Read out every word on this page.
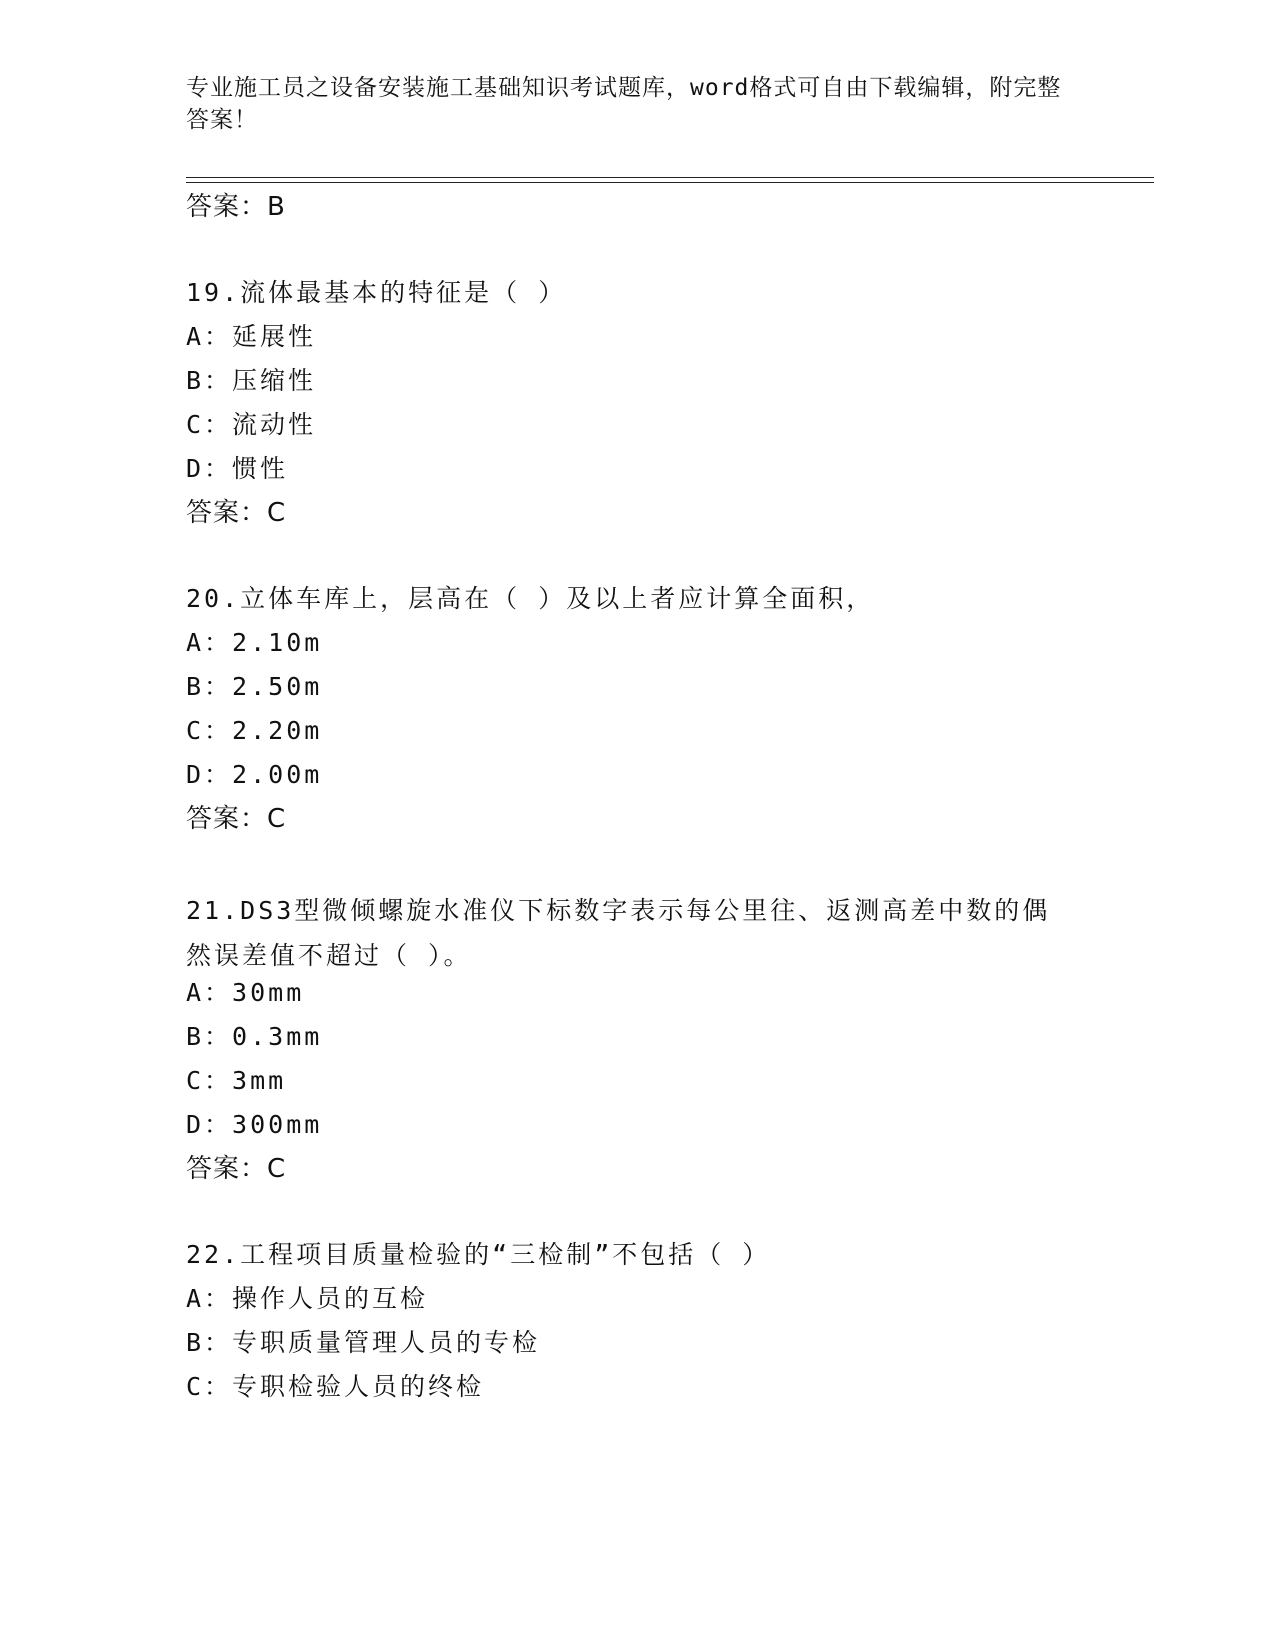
专业施工员之设备安装施工基础知识考试题库，word格式可自由下载编辑，附完整答案！

答案：B

19.流体最基本的特征是（ ）

A：延展性

B：压缩性

C：流动性

D：惯性

答案：C

20.立体车库上，层高在（ ）及以上者应计算全面积，

A：2.10m

B：2.50m

C：2.20m

D：2.00m

答案：C

21.DS3型微倾螺旋水准仪下标数字表示每公里往、返测高差中数的偶然误差值不超过（ ）。

A：30mm

B：0.3mm

C：3mm

D：300mm

答案：C

22.工程项目质量检验的“三检制”不包括（ ）

A：操作人员的互检

B：专职质量管理人员的专检

C：专职检验人员的终检
